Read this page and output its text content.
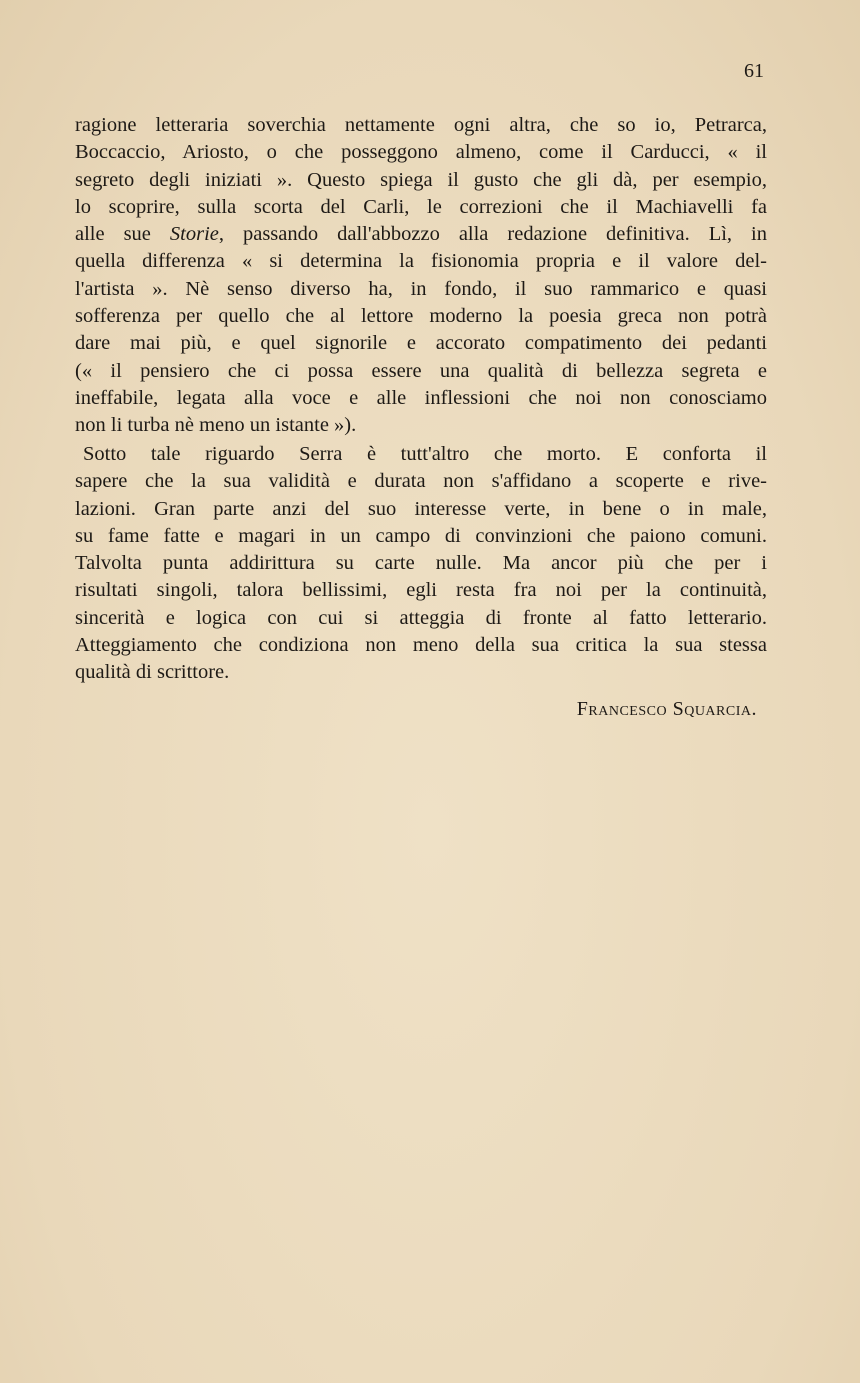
61
ragione letteraria soverchia nettamente ogni altra, che so io, Petrarca,
Boccaccio, Ariosto, o che posseggono almeno, come il Carducci, « il
segreto degli iniziati ». Questo spiega il gusto che gli dà, per esempio,
lo scoprire, sulla scorta del Carli, le correzioni che il Machiavelli fa
alle sue Storie, passando dall'abbozzo alla redazione definitiva. Lì, in
quella differenza « si determina la fisionomia propria e il valore del-
l'artista ». Nè senso diverso ha, in fondo, il suo rammarico e quasi
sofferenza per quello che al lettore moderno la poesia greca non potrà
dare mai più, e quel signorile e accorato compatimento dei pedanti
(« il pensiero che ci possa essere una qualità di bellezza segreta e
ineffabile, legata alla voce e alle inflessioni che noi non conosciamo
non li turba nè meno un istante »).
Sotto tale riguardo Serra è tutt'altro che morto. E conforta il
sapere che la sua validità e durata non s'affidano a scoperte e rive-
lazioni. Gran parte anzi del suo interesse verte, in bene o in male,
su fame fatte e magari in un campo di convinzioni che paiono comuni.
Talvolta punta addirittura su carte nulle. Ma ancor più che per i
risultati singoli, talora bellissimi, egli resta fra noi per la continuità,
sincerità e logica con cui si atteggia di fronte al fatto letterario.
Atteggiamento che condiziona non meno della sua critica la sua stessa
qualità di scrittore.
Francesco Squarcia.
